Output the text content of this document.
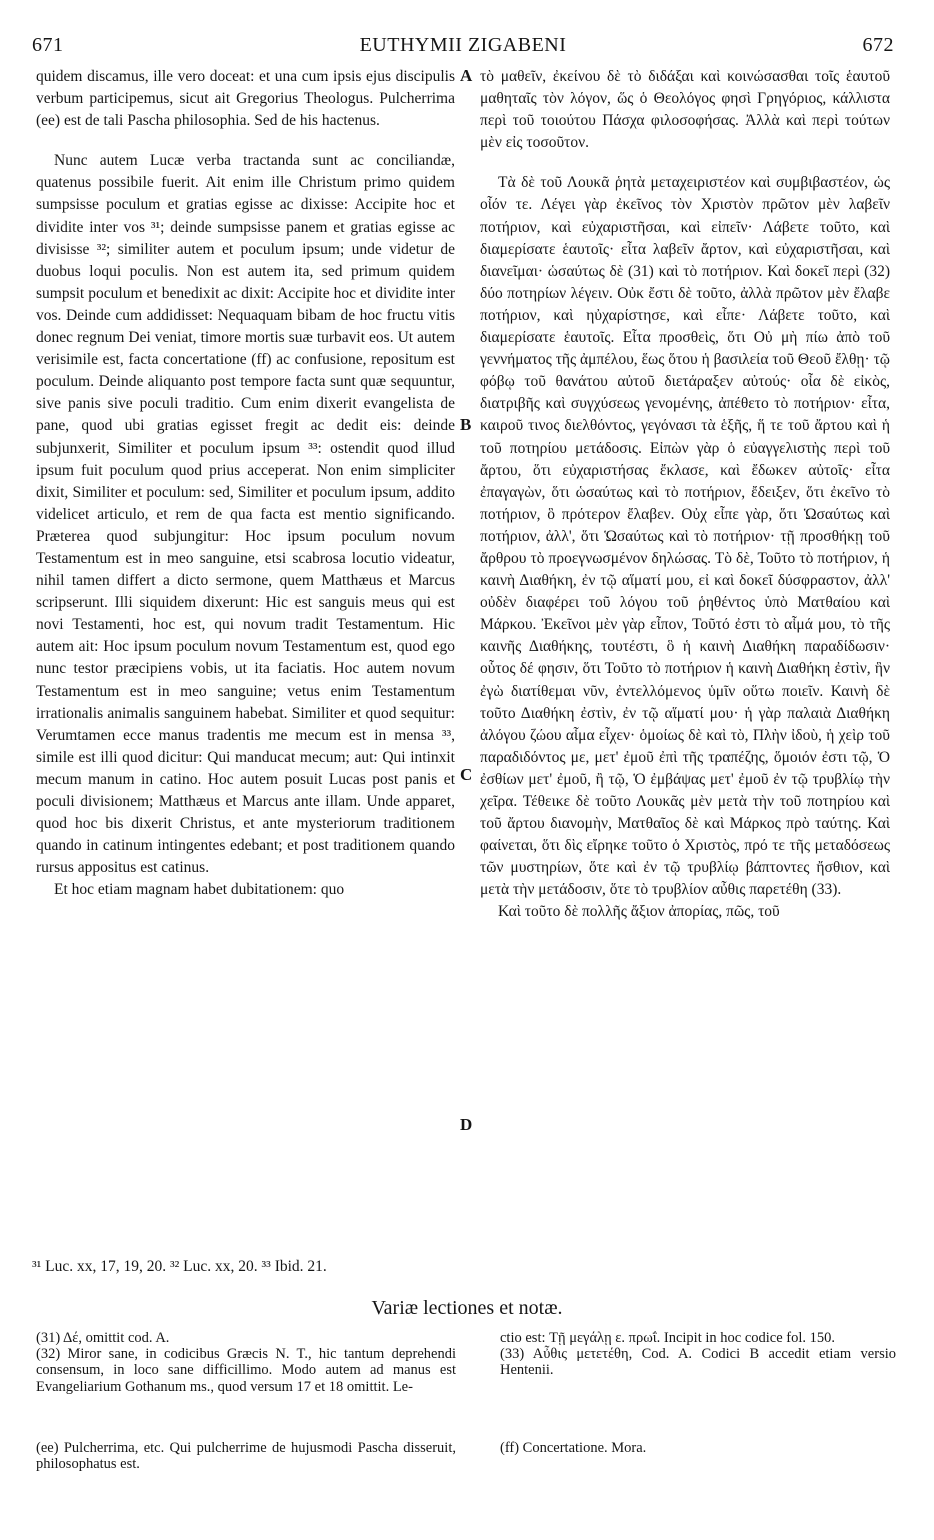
671	EUTHYMII ZIGABENI	672

quidem discamus, ille vero doceat: et una cum ipsis ejus discipulis verbum participemus, sicut ait Gregorius Theologus. Pulcherrima (ee) est de tali Pascha philosophia. Sed de his hactenus.

Nunc autem Lucæ verba tractanda sunt ac conciliandæ, quatenus possibile fuerit. Ait enim ille Christum primo quidem sumpsisse poculum et gratias egisse ac dixisse: Accipite hoc et dividite inter vos ³¹; deinde sumpsisse panem et gratias egisse ac divisisse ³²; similiter autem et poculum ipsum; unde videtur de duobus loqui poculis. Non est autem ita, sed primum quidem sumpsit poculum et benedixit ac dixit: Accipite hoc et dividite inter vos. Deinde cum addidisset: Nequaquam bibam de hoc fructu vitis donec regnum Dei veniat, timore mortis suæ turbavit eos. Ut autem verisimile est, facta concertatione (ff) ac confusione, repositum est poculum. Deinde aliquanto post tempore facta sunt quæ sequuntur, sive panis sive poculi traditio. Cum enim dixerit evangelista de pane, quod ubi gratias egisset fregit ac dedit eis: deinde subjunxerit, Similiter et poculum ipsum ³³: ostendit quod illud ipsum fuit poculum quod prius acceperat. Non enim simpliciter dixit, Similiter et poculum: sed, Similiter et poculum ipsum, addito videlicet articulo, et rem de qua facta est mentio significando. Præterea quod subjungitur: Hoc ipsum poculum novum Testamentum est in meo sanguine, etsi scabrosa locutio videatur, nihil tamen differt a dicto sermone, quem Matthæus et Marcus scripserunt. Illi siquidem dixerunt: Hic est sanguis meus qui est novi Testamenti, hoc est, qui novum tradit Testamentum. Hic autem ait: Hoc ipsum poculum novum Testamentum est, quod ego nunc testor præcipiens vobis, ut ita faciatis. Hoc autem novum Testamentum est in meo sanguine; vetus enim Testamentum irrationalis animalis sanguinem habebat. Similiter et quod sequitur: Verumtamen ecce manus tradentis me mecum est in mensa ³³, simile est illi quod dicitur: Qui manducat mecum; aut: Qui intinxit mecum manum in catino. Hoc autem posuit Lucas post panis et poculi divisionem; Matthæus et Marcus ante illam. Unde apparet, quod hoc bis dixerit Christus, et ante mysteriorum traditionem quando in catinum intingentes edebant; et post traditionem quando rursus appositus est catinus.

Et hoc etiam magnam habet dubitationem: quo

A
B
C
D

τὸ μαθεῖν, ἐκείνου δὲ τὸ διδάξαι καὶ κοινώσασθαι τοῖς ἑαυτοῦ μαθηταῖς τὸν λόγον, ὥς ὁ Θεολόγος φησὶ Γρηγόριος, κάλλιστα περὶ τοῦ τοιούτου Πάσχα φιλοσοφήσας. Ἀλλὰ καὶ περὶ τούτων μὲν εἰς τοσοῦτον.

Τὰ δὲ τοῦ Λουκᾶ ῥητὰ μεταχειριστέον καὶ συμβιβαστέον, ὡς οἷόν τε. Λέγει γὰρ ἐκεῖνος τὸν Χριστὸν πρῶτον μὲν λαβεῖν ποτήριον, καὶ εὐχαριστῆσαι, καὶ εἰπεῖν· Λάβετε τοῦτο, καὶ διαμερίσατε ἑαυτοῖς· εἶτα λαβεῖν ἄρτον, καὶ εὐχαριστῆσαι, καὶ διανεῖμαι· ὡσαύτως δὲ (31) καὶ τὸ ποτήριον. Καὶ δοκεῖ περὶ (32) δύο ποτηρίων λέγειν. Οὐκ ἔστι δὲ τοῦτο, ἀλλὰ πρῶτον μὲν ἔλαβε ποτήριον, καὶ ηὐχαρίστησε, καὶ εἶπε· Λάβετε τοῦτο, καὶ διαμερίσατε ἑαυτοῖς. Εἶτα προσθεὶς, ὅτι Οὐ μὴ πίω ἀπὸ τοῦ γεννήματος τῆς ἀμπέλου, ἕως ὅτου ἡ βασιλεία τοῦ Θεοῦ ἔλθῃ· τῷ φόβῳ τοῦ θανάτου αὐτοῦ διετάραξεν αὐτούς· οἷα δὲ εἰκὸς, διατριβῆς καὶ συγχύσεως γενομένης, ἀπέθετο τὸ ποτήριον· εἶτα, καιροῦ τινος διελθόντος, γεγόνασι τὰ ἑξῆς, ἥ τε τοῦ ἄρτου καὶ ἡ τοῦ ποτηρίου μετάδοσις. Εἰπὼν γὰρ ὁ εὐαγγελιστὴς περὶ τοῦ ἄρτου, ὅτι εὐχαριστήσας ἔκλασε, καὶ ἔδωκεν αὐτοῖς· εἶτα ἐπαγαγὼν, ὅτι ὡσαύτως καὶ τὸ ποτήριον, ἔδειξεν, ὅτι ἐκεῖνο τὸ ποτήριον, ὃ πρότερον ἔλαβεν. Οὐχ εἶπε γὰρ, ὅτι Ὡσαύτως καὶ ποτήριον, ἀλλ', ὅτι Ὡσαύτως καὶ τὸ ποτήριον· τῇ προσθήκῃ τοῦ ἄρθρου τὸ προεγνωσμένον δηλώσας. Τὸ δὲ, Τοῦτο τὸ ποτήριον, ἡ καινὴ Διαθήκη, ἐν τῷ αἵματί μου, εἰ καὶ δοκεῖ δύσφραστον, ἀλλ' οὐδὲν διαφέρει τοῦ λόγου τοῦ ῥηθέντος ὑπὸ Ματθαίου καὶ Μάρκου. Ἐκεῖνοι μὲν γὰρ εἶπον, Τοῦτό ἐστι τὸ αἷμά μου, τὸ τῆς καινῆς Διαθήκης, τουτέστι, ὃ ἡ καινὴ Διαθήκη παραδίδωσιν· οὗτος δέ φησιν, ὅτι Τοῦτο τὸ ποτήριον ἡ καινὴ Διαθήκη ἐστὶν, ἣν ἐγὼ διατίθεμαι νῦν, ἐντελλόμενος ὑμῖν οὕτω ποιεῖν. Καινὴ δὲ τοῦτο Διαθήκη ἐστὶν, ἐν τῷ αἵματί μου· ἡ γὰρ παλαιὰ Διαθήκη ἀλόγου ζώου αἷμα εἶχεν· ὁμοίως δὲ καὶ τὸ, Πλὴν ἰδοὺ, ἡ χεὶρ τοῦ παραδιδόντος με, μετ' ἐμοῦ ἐπὶ τῆς τραπέζης, ὅμοιόν ἐστι τῷ, Ὁ ἐσθίων μετ' ἐμοῦ, ἢ τῷ, Ὁ ἐμβάψας μετ' ἐμοῦ ἐν τῷ τρυβλίῳ τὴν χεῖρα. Τέθεικε δὲ τοῦτο Λουκᾶς μὲν μετὰ τὴν τοῦ ποτηρίου καὶ τοῦ ἄρτου διανομὴν, Ματθαῖος δὲ καὶ Μάρκος πρὸ ταύτης. Καὶ φαίνεται, ὅτι δὶς εἴρηκε τοῦτο ὁ Χριστὸς, πρό τε τῆς μεταδόσεως τῶν μυστηρίων, ὅτε καὶ ἐν τῷ τρυβλίῳ βάπτοντες ἤσθιον, καὶ μετὰ τὴν μετάδοσιν, ὅτε τὸ τρυβλίον αὖθις παρετέθη (33).

Καὶ τοῦτο δὲ πολλῆς ἄξιον ἀπορίας, πῶς, τοῦ

³¹ Luc. xx, 17, 19, 20. ³² Luc. xx, 20. ³³ Ibid. 21.
Variæ lectiones et notæ.

(31) Δέ, omittit cod. A.

(32) Miror sane, in codicibus Græcis N. T., hic tantum deprehendi consensum, in loco sane difficillimo. Modo autem ad manus est Evangeliarium Gothanum ms., quod versum 17 et 18 omittit. Le-

ctio est: Τῇ μεγάλῃ ε. πρωΐ. Incipit in hoc codice fol. 150.

(33) Αὖθις μετετέθη, Cod. A. Codici B accedit etiam versio Hentenii.

(ee) Pulcherrima, etc. Qui pulcherrime de hujusmodi Pascha disseruit, philosophatus est.
(ff) Concertatione. Mora.
